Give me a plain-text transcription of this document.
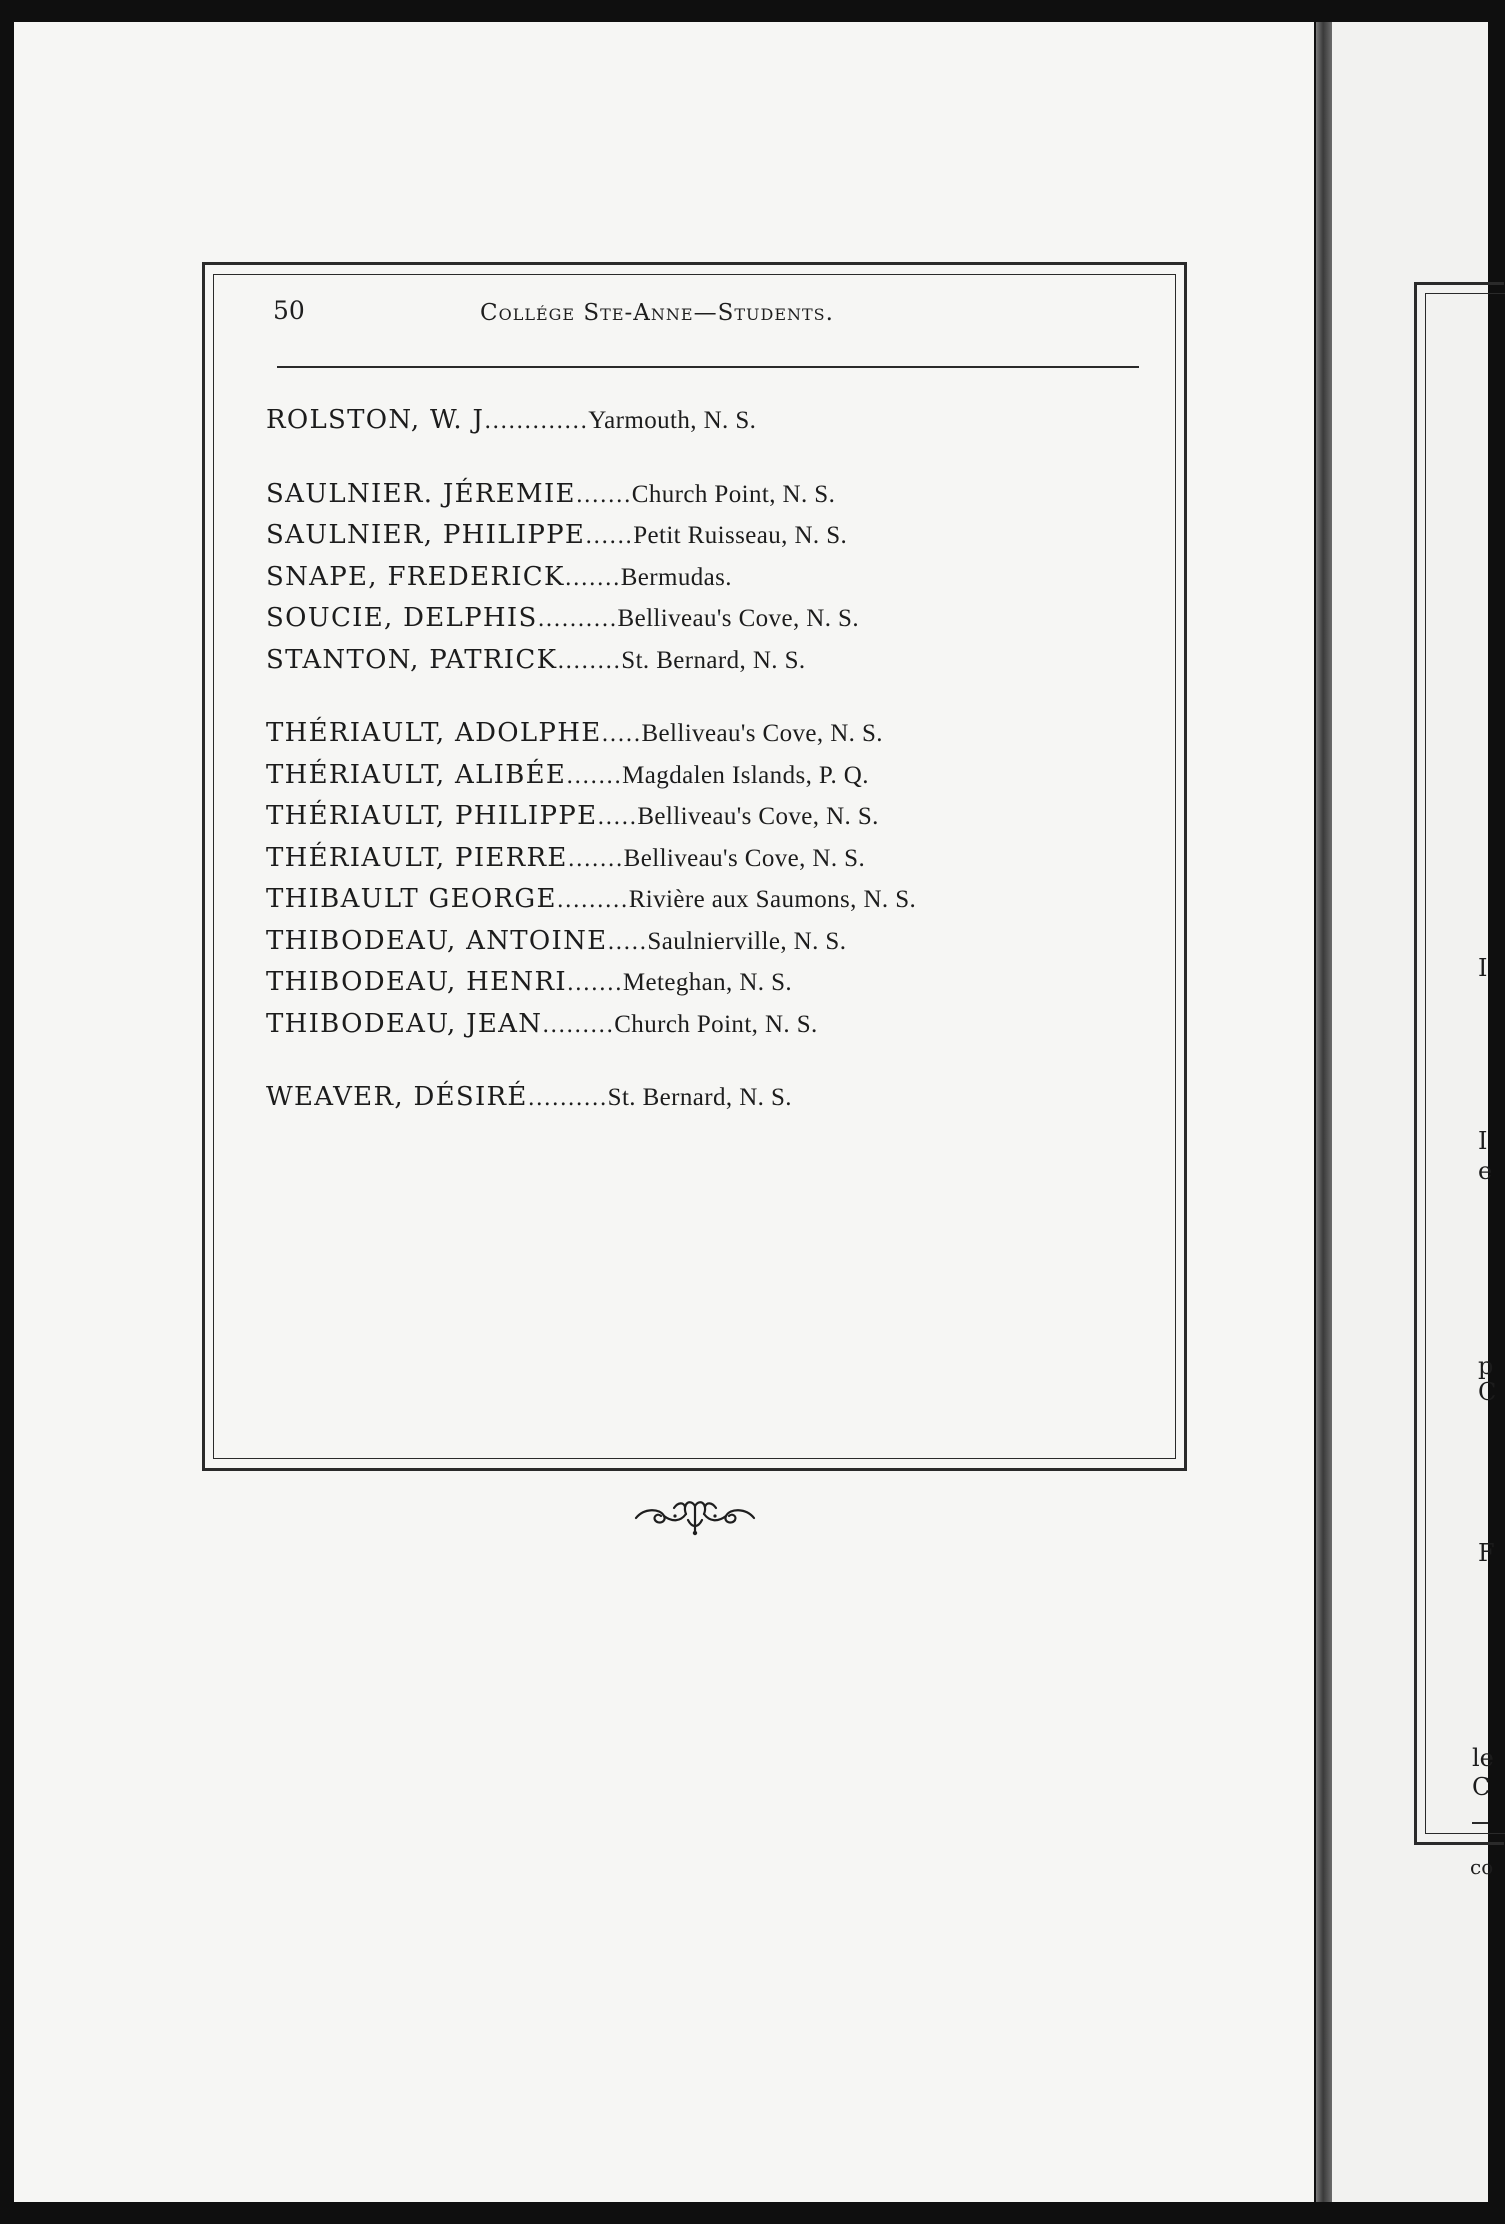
50	Collége Ste-Anne—Students.

ROLSTON, W. J ............. Yarmouth, N. S.
SAULNIER. JÉREMIE ....... Church Point, N. S.
SAULNIER, PHILIPPE ...... Petit Ruisseau, N. S.
SNAPE, FREDERICK ....... Bermudas.
SOUCIE, DELPHIS .......... Belliveau's Cove, N. S.
STANTON, PATRICK ........ St. Bernard, N. S.
THÉRIAULT, ADOLPHE ..... Belliveau's Cove, N. S.
THÉRIAULT, ALIBÉE ....... Magdalen Islands, P. Q.
THÉRIAULT, PHILIPPE ..... Belliveau's Cove, N. S.
THÉRIAULT, PIERRE ....... Belliveau's Cove, N. S.
THIBAULT GEORGE ......... Rivière aux Saumons, N. S.
THIBODEAU, ANTOINE ..... Saulnierville, N. S.
THIBODEAU, HENRI ....... Meteghan, N. S.
THIBODEAU, JEAN ......... Church Point, N. S.
WEAVER, DÉSIRÉ .......... St. Bernard, N. S.

I

I

e

p

C

F

le

C

co
